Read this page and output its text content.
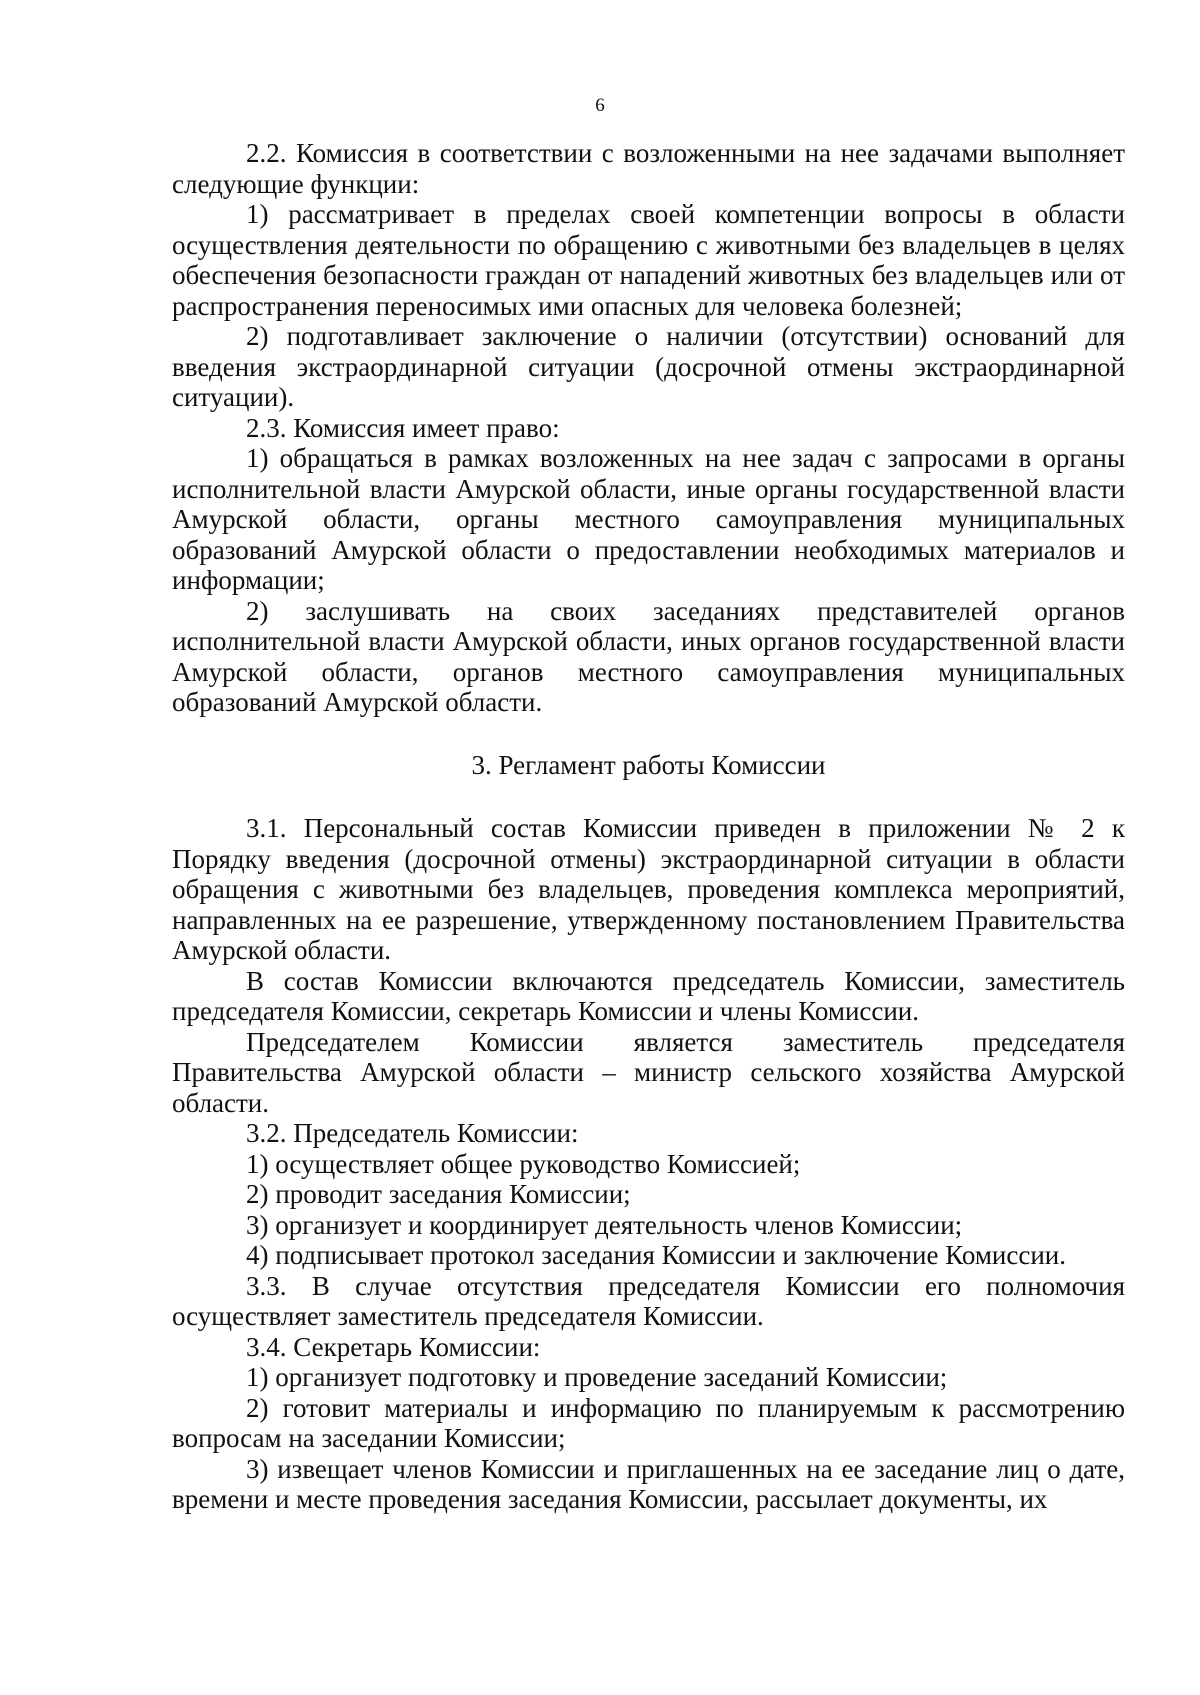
6

2.2. Комиссия в соответствии с возложенными на нее задачами выполняет следующие функции:

1) рассматривает в пределах своей компетенции вопросы в области осуществления деятельности по обращению с животными без владельцев в целях обеспечения безопасности граждан от нападений животных без владельцев или от распространения переносимых ими опасных для человека болезней;

2) подготавливает заключение о наличии (отсутствии) оснований для введения экстраординарной ситуации (досрочной отмены экстраординарной ситуации).

2.3. Комиссия имеет право:

1) обращаться в рамках возложенных на нее задач с запросами в органы исполнительной власти Амурской области, иные органы государственной власти Амурской области, органы местного самоуправления муниципальных образований Амурской области о предоставлении необходимых материалов и информации;

2) заслушивать на своих заседаниях представителей органов исполнительной власти Амурской области, иных органов государственной власти Амурской области, органов местного самоуправления муниципальных образований Амурской области.

3. Регламент работы Комиссии

3.1. Персональный состав Комиссии приведен в приложении № 2 к Порядку введения (досрочной отмены) экстраординарной ситуации в области обращения с животными без владельцев, проведения комплекса мероприятий, направленных на ее разрешение, утвержденному постановлением Правительства Амурской области.

В состав Комиссии включаются председатель Комиссии, заместитель председателя Комиссии, секретарь Комиссии и члены Комиссии.

Председателем Комиссии является заместитель председателя Правительства Амурской области – министр сельского хозяйства Амурской области.

3.2. Председатель Комиссии:

1) осуществляет общее руководство Комиссией;

2) проводит заседания Комиссии;

3) организует и координирует деятельность членов Комиссии;

4) подписывает протокол заседания Комиссии и заключение Комиссии.

3.3. В случае отсутствия председателя Комиссии его полномочия осуществляет заместитель председателя Комиссии.

3.4. Секретарь Комиссии:

1) организует подготовку и проведение заседаний Комиссии;

2) готовит материалы и информацию по планируемым к рассмотрению вопросам на заседании Комиссии;

3) извещает членов Комиссии и приглашенных на ее заседание лиц о дате, времени и месте проведения заседания Комиссии, рассылает документы, их
